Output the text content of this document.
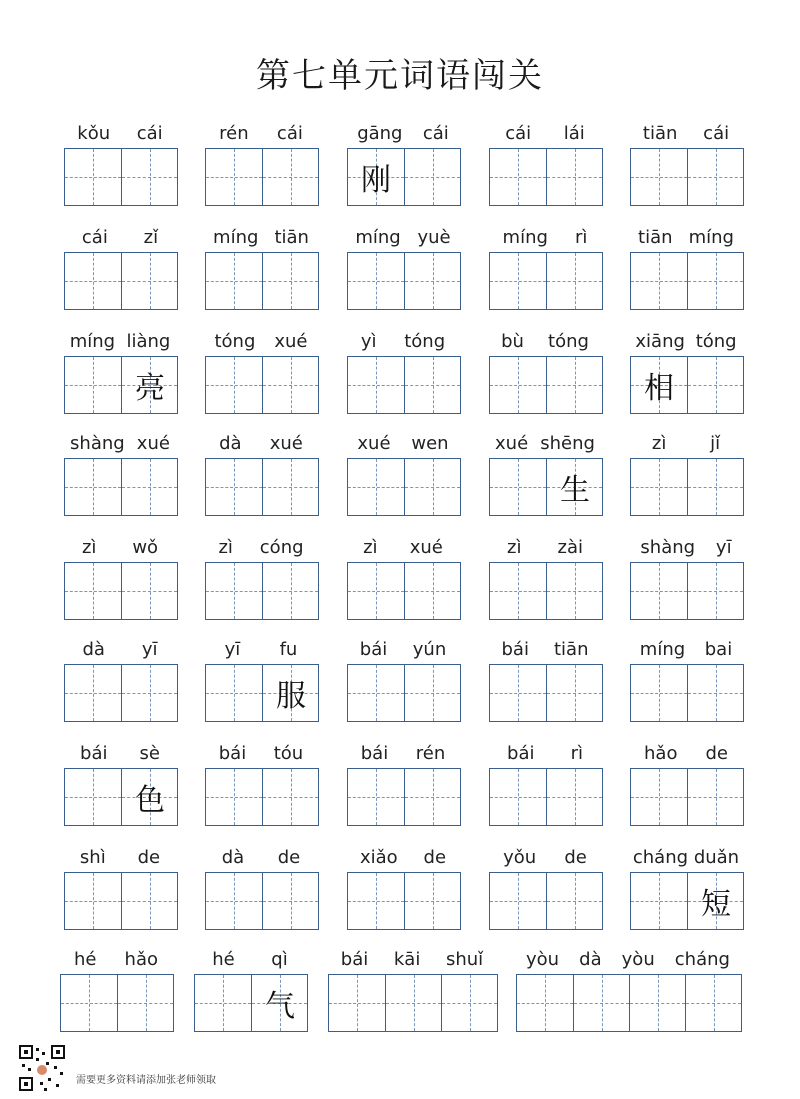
第七单元词语闯关
kǒu cái	rén cái	gāng cái
刚
cái lái	tiān cái
cái zǐ	míng tiān	míng yuè	míng rì	tiān míng
míng liàng
亮
tóng xué	yì tóng	bù tóng	xiāng tóng
相
shàng xué	dà xué	xué wen	xué shēng
生
zì jǐ
zì wǒ	zì cóng	zì xué	zì zài	shàng yī
dà yī	yī fu
服
bái yún	bái tiān	míng bai
bái sè
色
bái tóu	bái rén	bái rì	hǎo de
shì de	dà de	xiǎo de	yǒu de	cháng duǎn
短
hé hǎo	hé qì
气
bái kāi shuǐ yòu dà yòu cháng
需要更多资料请添加张老师领取
